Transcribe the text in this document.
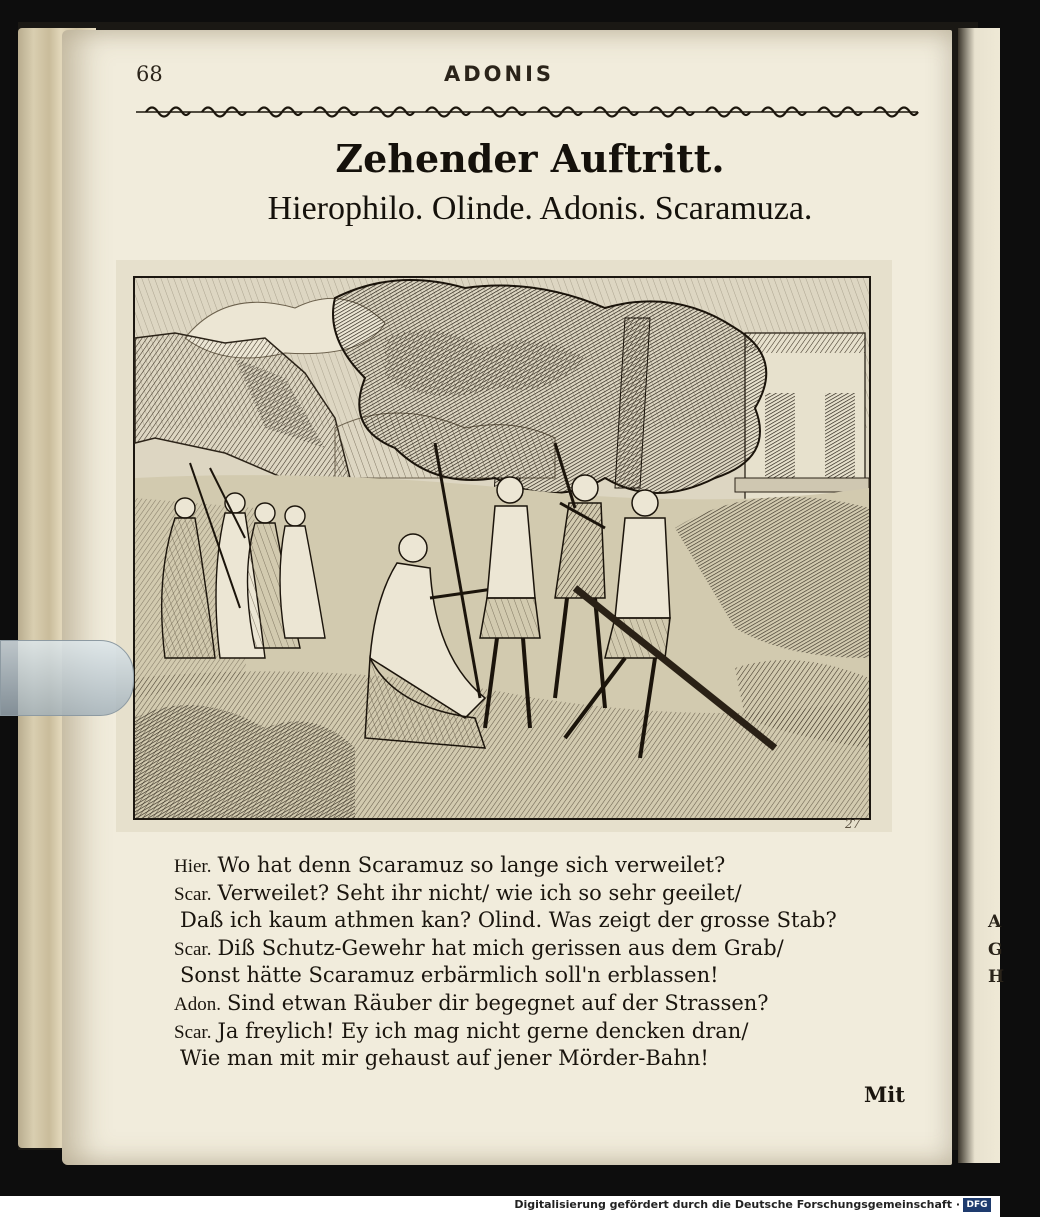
A
G
H
68	ADONIS
Zehender Auftritt.
Hierophilo. Olinde. Adonis. Scaramuza.
27
Hier. Wo hat denn Scaramuz so lange sich verweilet?
Scar. Verweilet? Seht ihr nicht/ wie ich so sehr geeilet/
Daß ich kaum athmen kan? Olind. Was zeigt der grosse Stab?
Scar. Diß Schutz-Gewehr hat mich gerissen aus dem Grab/
Sonst hätte Scaramuz erbärmlich soll'n erblassen!
Adon. Sind etwan Räuber dir begegnet auf der Strassen?
Scar. Ja freylich! Ey ich mag nicht gerne dencken dran/
Wie man mit mir gehaust auf jener Mörder-Bahn!
Mit
Digitalisierung gefördert durch die Deutsche Forschungsgemeinschaft · DFG
